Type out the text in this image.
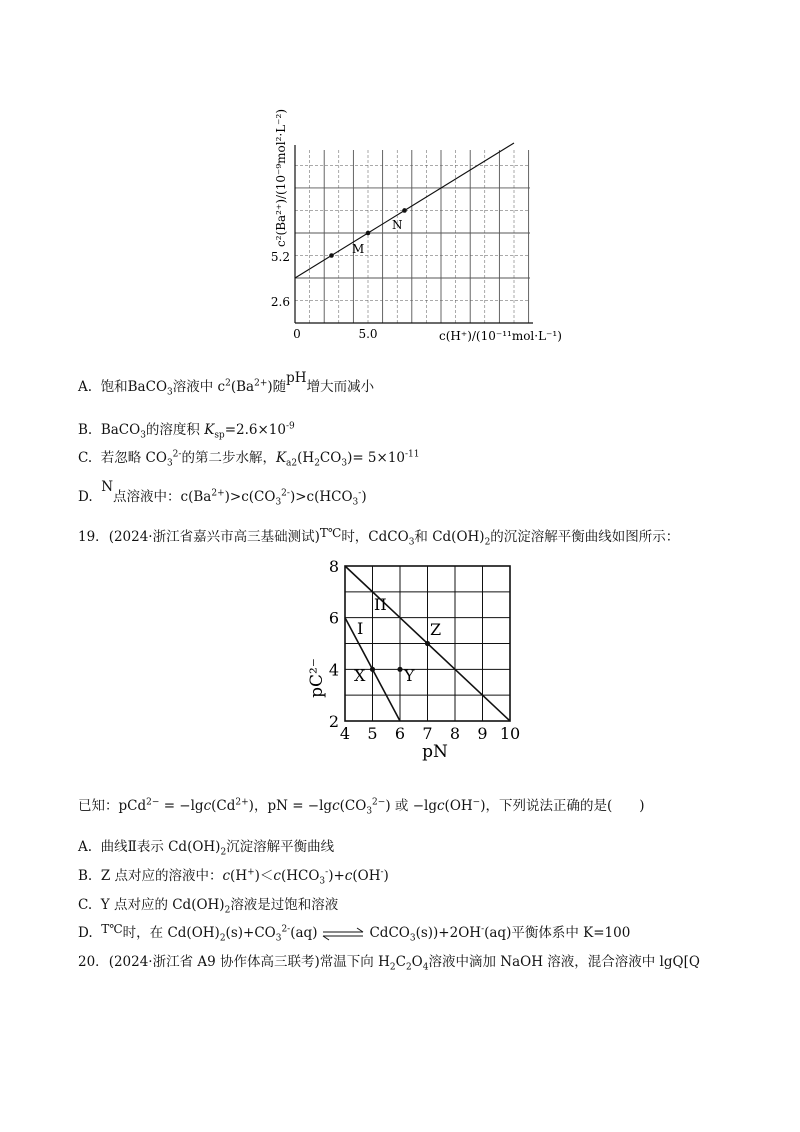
5.2
2.6
0	5.0	c(H⁺)/(10⁻¹¹mol·L⁻¹)
c²(Ba²⁺)/(10⁻⁹mol²·L⁻²)
M
N
A. 饱和BaCO$_3$溶液中 $c^2(Ba^{2+})$随pH增大而减小
B. BaCO$_3$的溶度积 $K_{sp}=2.6\times 10^{-9}$
C. 若忽略 $CO_3^{2-}$的第二步水解，$K_{a2}(H_2CO_3)= 5\times 10^{-11}$
D.  N点溶液中：$c(Ba^{2+})>c(CO_3^{2-})>c(HCO_3^-)$
19．(2024·浙江省嘉兴市高三基础测试)T℃时，CdCO$_3$和 $Cd(OH)_2$的沉淀溶解平衡曲线如图所示：
4 5 6 7 8 9 10
2
4
6
8
pN
pC²⁻
I
II
X Y
Z
已知：$pCd^{2-} = -\lg c(Cd^{2+})$，pN = $-\lg c(CO_3^{2-})$ 或 −lgc(OH−)，下列说法正确的是(　　)
A. 曲线Ⅱ表示 $Cd(OH)_2$沉淀溶解平衡曲线
B. Z 点对应的溶液中：$c(H^+)<c(HCO_3^-)+c(OH^-)$
C. Y 点对应的 $Cd(OH)_2$溶液是过饱和溶液
D. T℃时，在 $Cd(OH)_2(s)+CO_3^{2-}(aq)$ ⇌ CdCO$_3$(s))+2OH-(aq)平衡体系中 K=100
20．(2024·浙江省 A9 协作体高三联考)常温下向 $H_2C_2O_4$溶液中滴加 NaOH 溶液，混合溶液中 lgQ[Q
